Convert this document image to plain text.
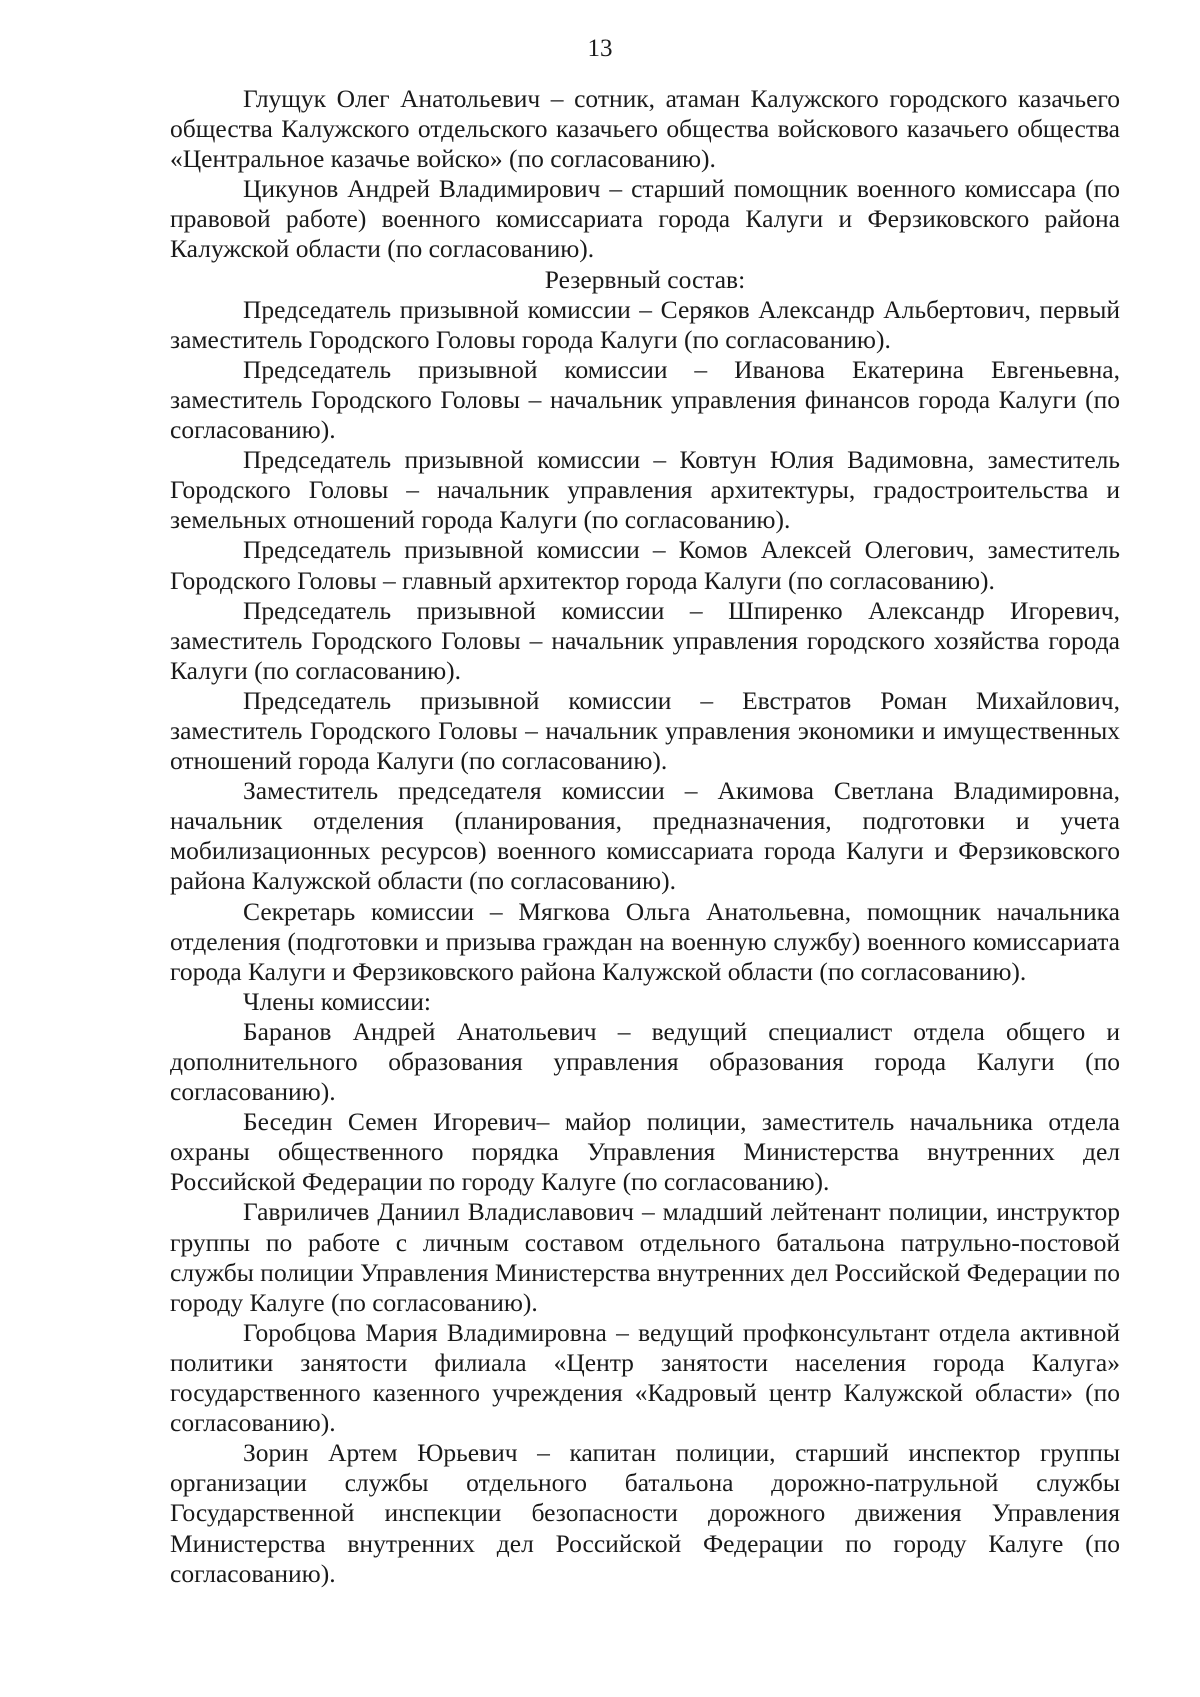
13

Глущук Олег Анатольевич – сотник, атаман Калужского городского казачьего общества Калужского отдельского казачьего общества войскового казачьего общества «Центральное казачье войско» (по согласованию).

Цикунов Андрей Владимирович – старший помощник военного комиссара (по правовой работе) военного комиссариата города Калуги и Ферзиковского района Калужской области (по согласованию).

Резервный состав:

Председатель призывной комиссии – Серяков Александр Альбертович, первый заместитель Городского Головы города Калуги (по согласованию).

Председатель призывной комиссии – Иванова Екатерина Евгеньевна, заместитель Городского Головы – начальник управления финансов города Калуги (по согласованию).

Председатель призывной комиссии – Ковтун Юлия Вадимовна, заместитель Городского Головы – начальник управления архитектуры, градостроительства и земельных отношений города Калуги (по согласованию).

Председатель призывной комиссии – Комов Алексей Олегович, заместитель Городского Головы – главный архитектор города Калуги (по согласованию).

Председатель призывной комиссии – Шпиренко Александр Игоревич, заместитель Городского Головы – начальник управления городского хозяйства города Калуги (по согласованию).

Председатель призывной комиссии – Евстратов Роман Михайлович, заместитель Городского Головы – начальник управления экономики и имущественных отношений города Калуги (по согласованию).

Заместитель председателя комиссии – Акимова Светлана Владимировна, начальник отделения (планирования, предназначения, подготовки и учета мобилизационных ресурсов) военного комиссариата города Калуги и Ферзиковского района Калужской области (по согласованию).

Секретарь комиссии – Мягкова Ольга Анатольевна, помощник начальника отделения (подготовки и призыва граждан на военную службу) военного комиссариата города Калуги и Ферзиковского района Калужской области (по согласованию).

Члены комиссии:

Баранов Андрей Анатольевич – ведущий специалист отдела общего и дополнительного образования управления образования города Калуги (по согласованию).

Беседин Семен Игоревич– майор полиции, заместитель начальника отдела охраны общественного порядка Управления Министерства внутренних дел Российской Федерации по городу Калуге (по согласованию).

Гавриличев Даниил Владиславович – младший лейтенант полиции, инструктор группы по работе с личным составом отдельного батальона патрульно-постовой службы полиции Управления Министерства внутренних дел Российской Федерации по городу Калуге (по согласованию).

Горобцова Мария Владимировна – ведущий профконсультант отдела активной политики занятости филиала «Центр занятости населения города Калуга» государственного казенного учреждения «Кадровый центр Калужской области» (по согласованию).

Зорин Артем Юрьевич – капитан полиции, старший инспектор группы организации службы отдельного батальона дорожно-патрульной службы Государственной инспекции безопасности дорожного движения Управления Министерства внутренних дел Российской Федерации по городу Калуге (по согласованию).
